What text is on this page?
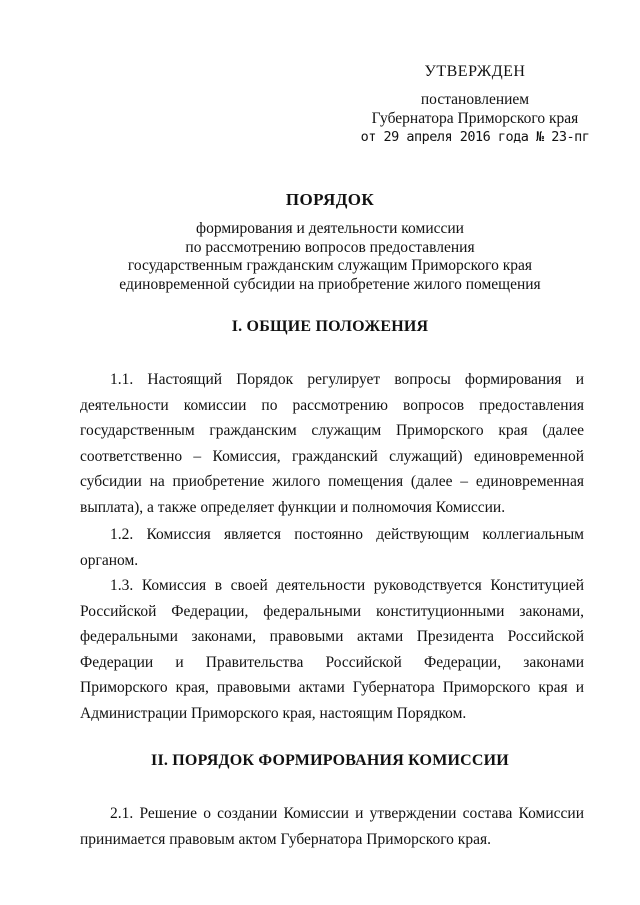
УТВЕРЖДЕН
постановлением
Губернатора Приморского края
от 29 апреля 2016 года № 23-пг
ПОРЯДОК
формирования и деятельности комиссии
по рассмотрению вопросов предоставления
государственным гражданским служащим Приморского края
единовременной субсидии на приобретение жилого помещения
I. ОБЩИЕ ПОЛОЖЕНИЯ
1.1. Настоящий Порядок регулирует вопросы формирования и деятельности комиссии по рассмотрению вопросов предоставления государственным гражданским служащим Приморского края (далее соответственно – Комиссия, гражданский служащий) единовременной субсидии на приобретение жилого помещения (далее – единовременная выплата), а также определяет функции и полномочия Комиссии.
1.2. Комиссия является постоянно действующим коллегиальным органом.
1.3. Комиссия в своей деятельности руководствуется Конституцией Российской Федерации, федеральными конституционными законами, федеральными законами, правовыми актами Президента Российской Федерации и Правительства Российской Федерации, законами Приморского края, правовыми актами Губернатора Приморского края и Администрации Приморского края, настоящим Порядком.
II. ПОРЯДОК ФОРМИРОВАНИЯ КОМИССИИ
2.1. Решение о создании Комиссии и утверждении состава Комиссии принимается правовым актом Губернатора Приморского края.
